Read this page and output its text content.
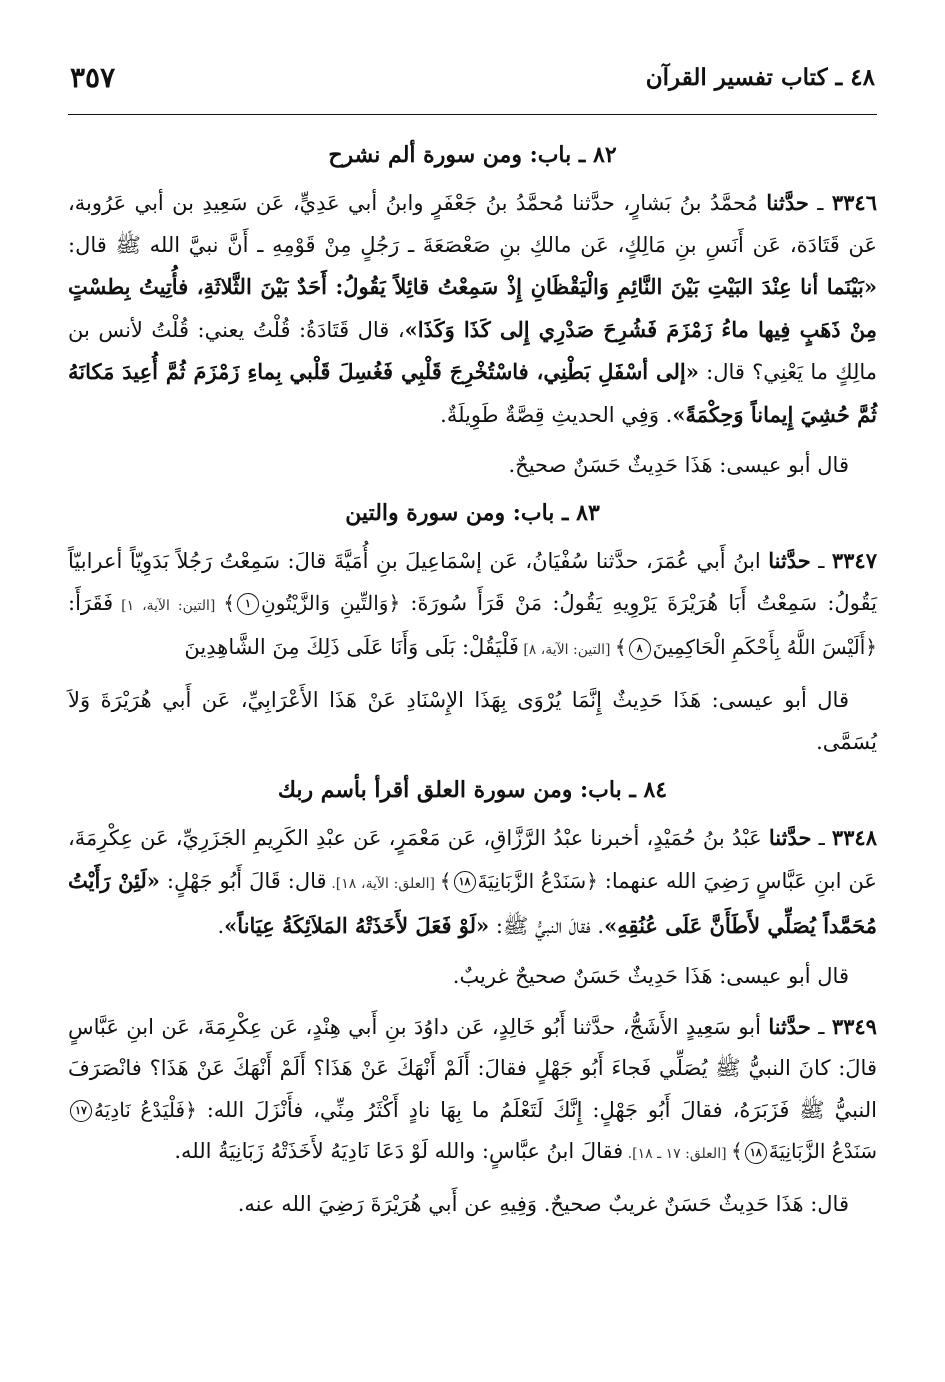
٤٨ ـ كتاب تفسير القرآن
٣٥٧

٨٢ ـ باب: ومن سورة ألم نشرح

٣٣٤٦ ـ حدَّثنا مُحمَّدُ بنُ بَشارٍ، حدَّثنا مُحمَّدُ بنُ جَعْفَرٍ وابنُ أبي عَدِيٍّ، عَن سَعِيدِ بن أبي عَرُوبة، عَن قَتَادَة، عَن أَنَسِ بنِ مَالِكٍ، عَن مالكِ بنِ صَعْصَعَةَ ـ رَجُلٍ مِنْ قَوْمِهِ ـ أَنَّ نبيَّ الله ﷺ قال: «بَيْنَما أنا عِنْدَ البَيْتِ بَيْنَ النَّائِمِ وَالْيَقْظَانِ إِذْ سَمِعْتُ قائِلاً يَقُولُ: أَحَدٌ بَيْنَ الثَّلاثَةِ، فأُتِيتُ بِطسْتٍ مِنْ ذَهَبٍ فِيها ماءُ زَمْزَمَ فَشُرِحَ صَدْرِي إِلى كَذَا وَكَذَا»، قال قَتَادَةُ: قُلْتُ يعني: قُلْتُ لأنس بن مالِكٍ ما يَعْنِي؟ قال: «إلى أسْفَلِ بَطْنِي، فاسْتُخْرِجَ قَلْبِي فَغُسِلَ قَلْبي بِماءِ زَمْزَمَ ثُمَّ أُعِيدَ مَكانَهُ ثُمَّ حُشِيَ إِيماناً وَحِكْمَةً». وَفِي الحديثِ قِصَّةٌ طَوِيلَةٌ.

قال أبو عيسى: هَذَا حَدِيثٌ حَسَنٌ صحيحٌ.

٨٣ ـ باب: ومن سورة والتين

٣٣٤٧ ـ حدَّثنا ابنُ أَبي عُمَرَ، حدَّثنا سُفْيَانُ، عَن إسْمَاعِيلَ بنِ أُمَيَّةَ قالَ: سَمِعْتُ رَجُلاً بَدَوِيّاً أعرابيّاً يَقُولُ: سَمِعْتُ أَبَا هُرَيْرَةَ يَرْوِيهِ يَقُولُ: مَنْ قَرَأَ سُورَةَ: ﴿وَالتِّينِ وَالزَّيْتُونِ١﴾ [التين: الآية، ١] فَقَرَأَ: ﴿أَلَيْسَ اللَّهُ بِأَحْكَمِ الْحَاكِمِينَ٨﴾ [التين: الآية، ٨] فَلْيَقُلْ: بَلَى وَأَنَا عَلَى ذَلِكَ مِنَ الشَّاهِدِينَ

قال أبو عيسى: هَذَا حَدِيثٌ إِنَّمَا يُرْوَى بِهَذَا الإِسْنَادِ عَنْ هَذَا الأَعْرَابِيِّ، عَن أَبي هُرَيْرَةَ وَلاَ يُسَمَّى.

٨٤ ـ باب: ومن سورة العلق أقرأ بأسم ربك

٣٣٤٨ ـ حدَّثنا عَبْدُ بنُ حُمَيْدٍ، أخبرنا عبْدُ الرَّزَّاقِ، عَن مَعْمَرٍ، عَن عبْدِ الكَرِيمِ الجَزَرِيِّ، عَن عِكْرِمَةَ، عَن ابنِ عَبَّاسٍ رَضِيَ الله عنهما: ﴿سَنَدْعُ الزَّبَانِيَةَ١٨﴾ [العلق: الآية، ١٨]. قال: قَالَ أَبُو جَهْلٍ: «لَئِنْ رَأَيْتُ مُحَمَّداً يُصَلِّي لأَطَأَنَّ عَلَى عُنُقِهِ». فقالَ النبيُّ ﷺ: «لَوْ فَعَلَ لأَخَذَتْهُ المَلاَئِكَةُ عِيَاناً».

قال أبو عيسى: هَذَا حَدِيثٌ حَسَنٌ صحيحٌ غريبٌ.

٣٣٤٩ ـ حدَّثنا أبو سَعِيدٍ الأَشَجُّ، حدَّثنا أَبُو خَالِدٍ، عَن داوُدَ بنِ أَبي هِنْدٍ، عَن عِكْرِمَةَ، عَن ابنِ عَبَّاسٍ قالَ: كانَ النبيُّ ﷺ يُصَلِّي فَجاءَ أَبُو جَهْلٍ فقالَ: أَلَمْ أَنْهَكَ عَنْ هَذَا؟ أَلَمْ أَنْهَكَ عَنْ هَذَا؟ فانْصَرَفَ النبيُّ ﷺ فَزَبَرَهُ، فقالَ أَبُو جَهْلٍ: إِنَّكَ لَتَعْلَمُ ما بِهَا نادٍ أَكْثَرُ مِنِّي، فأَنْزَلَ الله: ﴿فَلْيَدْعُ نَادِيَهُ١٧ سَنَدْعُ الزَّبَانِيَةَ١٨﴾ [العلق: ١٧ ـ ١٨]. فقالَ ابنُ عبَّاسٍ: والله لَوْ دَعَا نَادِيَهُ لأَخَذَتْهُ زَبَانِيَةُ الله.

قال: هَذَا حَدِيثٌ حَسَنٌ غريبٌ صحيحٌ. وَفِيهِ عن أَبي هُرَيْرَةَ رَضِيَ الله عنه.
